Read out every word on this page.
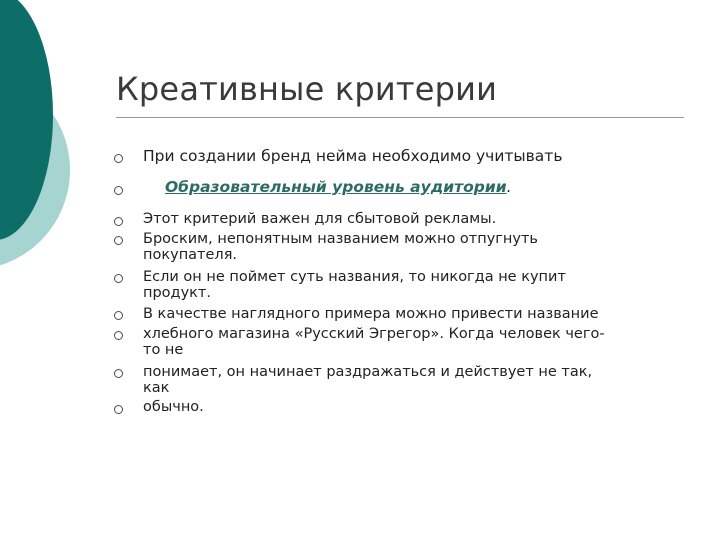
Креативные критерии
При создании бренд нейма необходимо учитывать
Образовательный уровень аудитории.
Этот критерий важен для сбытовой рекламы.
Броским, непонятным названием можно отпугнуть
покупателя.
Если он не поймет суть названия, то никогда не купит
продукт.
В качестве наглядного примера можно привести название
хлебного магазина «Русский Эгрегор». Когда человек чего-
то не
понимает, он начинает раздражаться и действует не так,
как
обычно.
